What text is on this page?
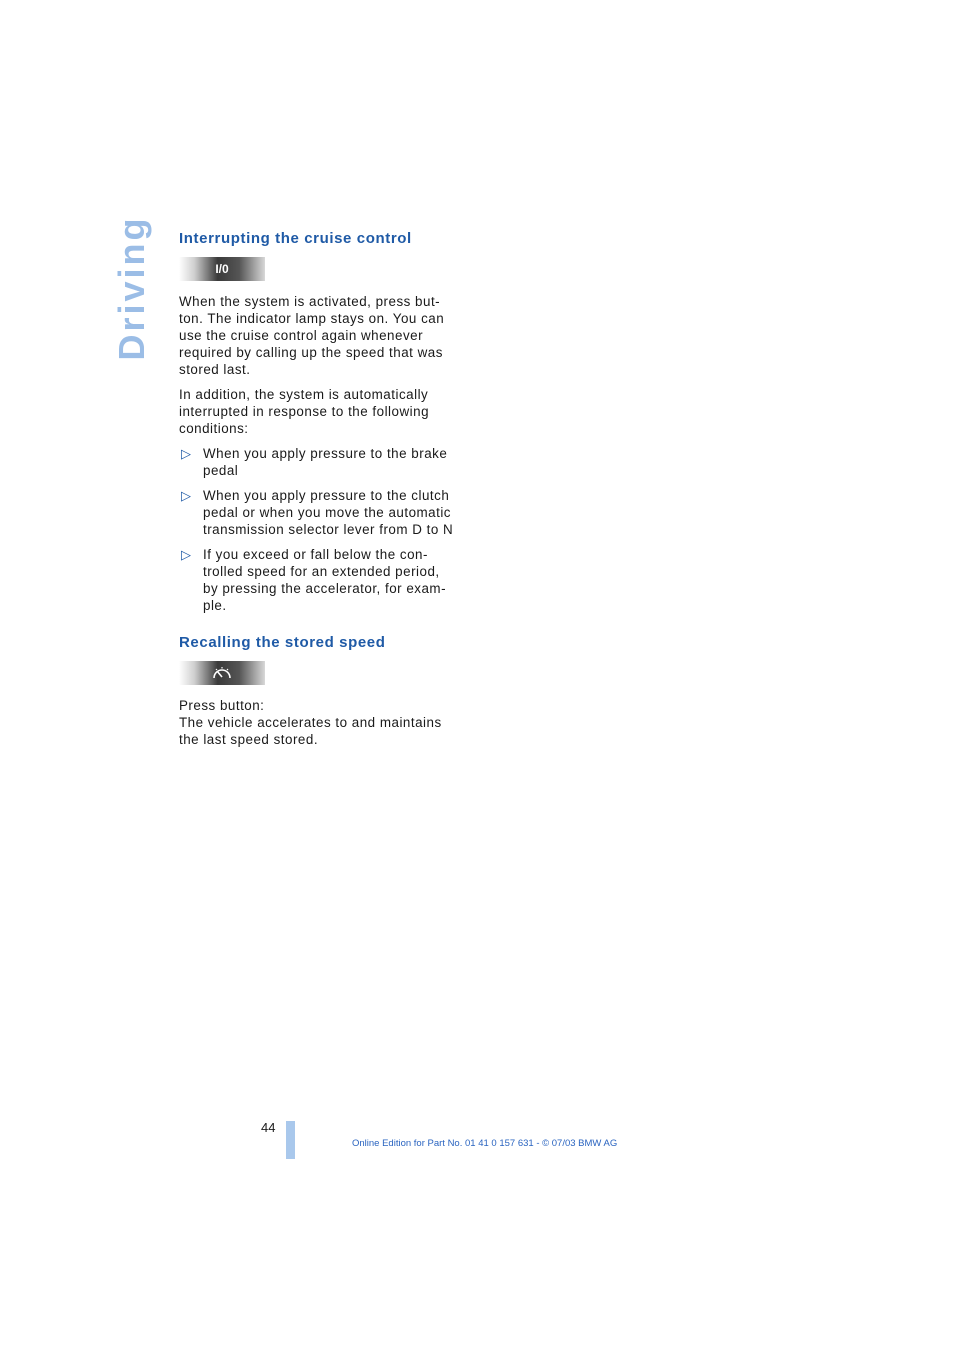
Driving Interrupting the cruise control
I/0

When the system is activated, press but-
ton. The indicator lamp stays on. You can
use the cruise control again whenever
required by calling up the speed that was
stored last.

In addition, the system is automatically
interrupted in response to the following
conditions:

▷ When you apply pressure to the brake
pedal
▷ When you apply pressure to the clutch
pedal or when you move the automatic
transmission selector lever from D to N
▷ If you exceed or fall below the con-
trolled speed for an extended period,
by pressing the accelerator, for exam-
ple.
Recalling the stored speed

Press button:
The vehicle accelerates to and maintains
the last speed stored.

44
Online Edition for Part No. 01 41 0 157 631 - © 07/03 BMW AG
